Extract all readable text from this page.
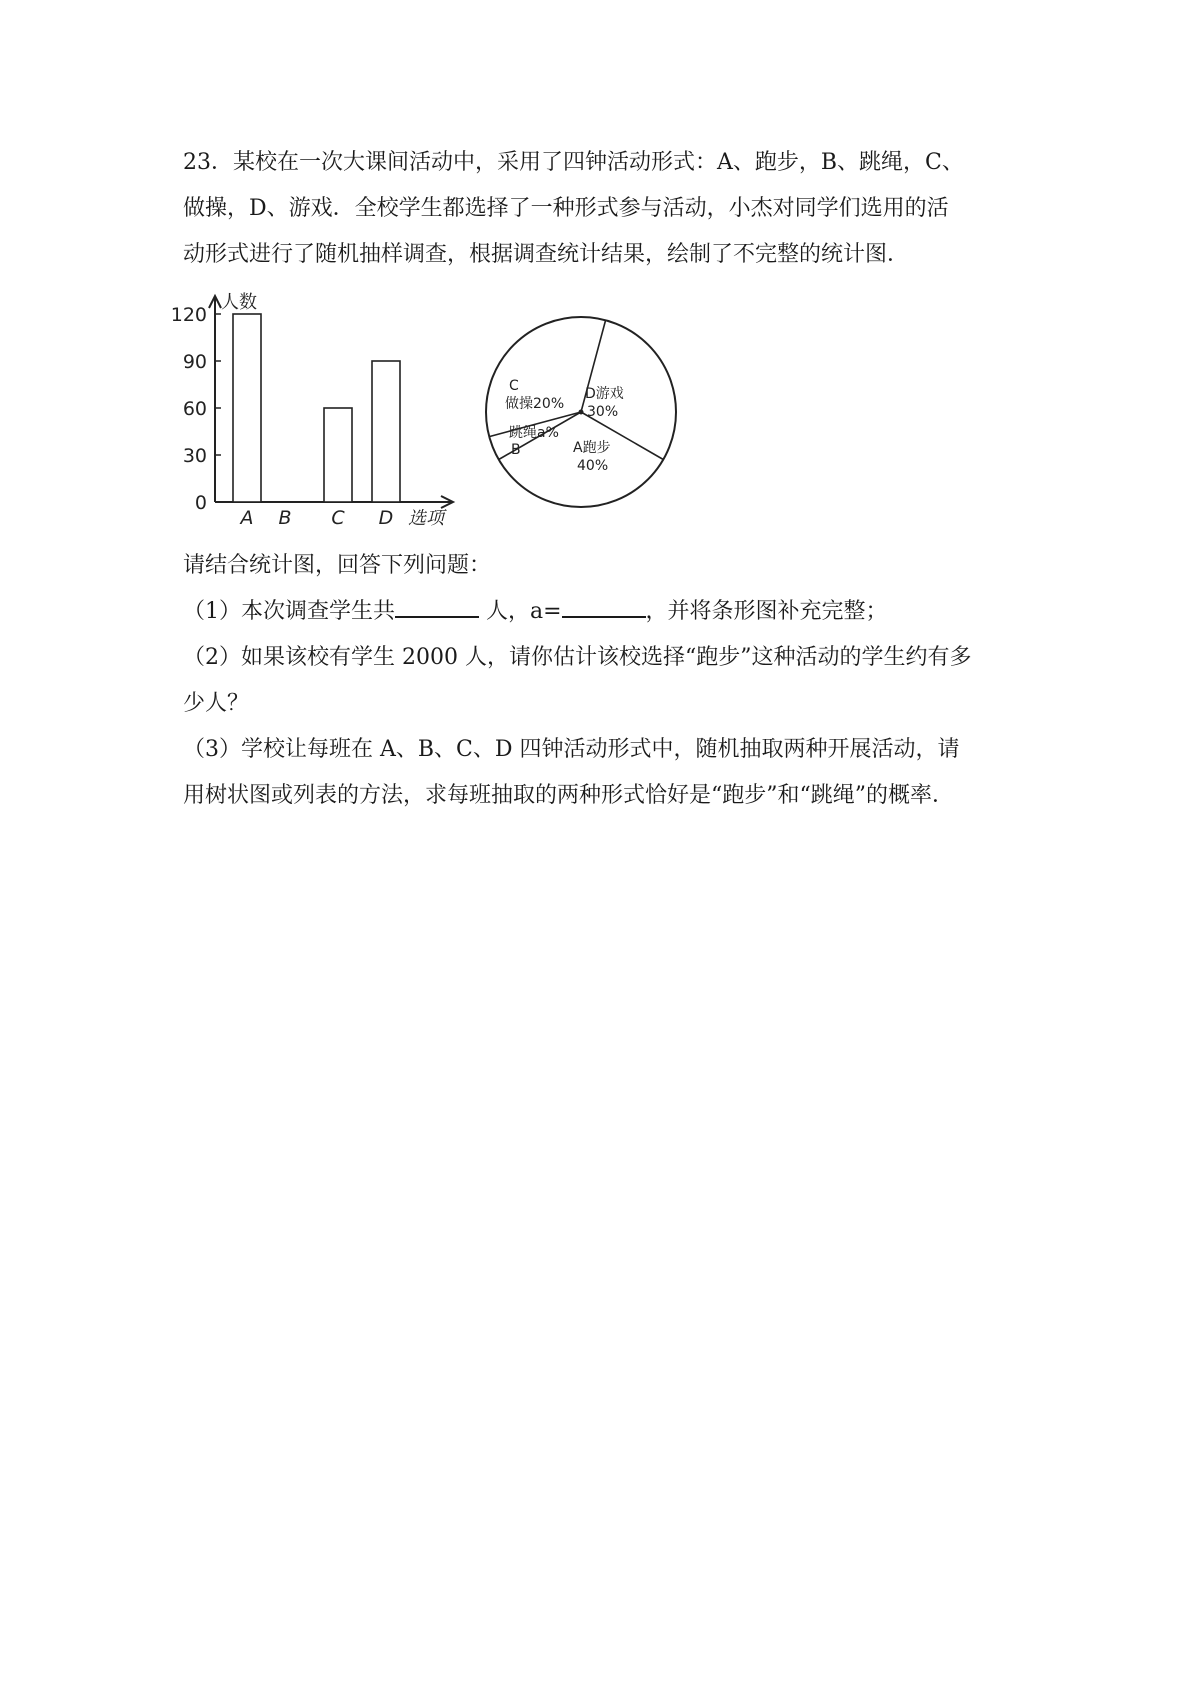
23．某校在一次大课间活动中，采用了四钟活动形式：A、跑步，B、跳绳，C、
做操，D、游戏．全校学生都选择了一种形式参与活动，小杰对同学们选用的活
动形式进行了随机抽样调查，根据调查统计结果，绘制了不完整的统计图．
人数
选项
0
30
60
90
120
A B C D
C
做操20%
D游戏
30%
跳绳a%
B	A跑步
40%
请结合统计图，回答下列问题：
（1）本次调查学生共	人，a=	，并将条形图补充完整；
（2）如果该校有学生 2000 人，请你估计该校选择“跑步”这种活动的学生约有多
少人？
（3）学校让每班在 A、B、C、D 四钟活动形式中，随机抽取两种开展活动，请
用树状图或列表的方法，求每班抽取的两种形式恰好是“跑步”和“跳绳”的概率．
